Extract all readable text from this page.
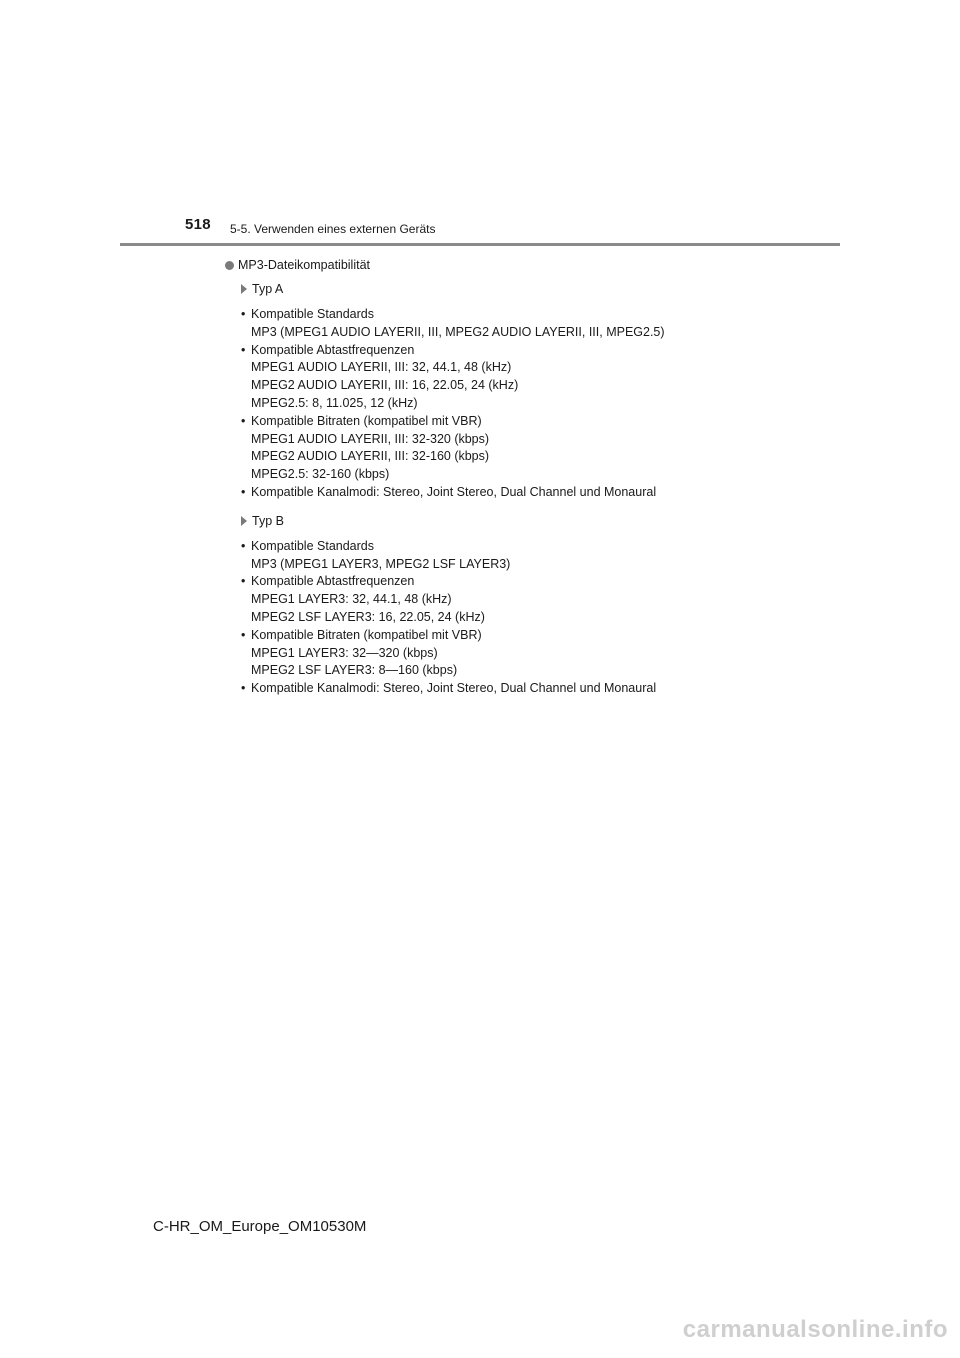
518 5-5. Verwenden eines externen Geräts
MP3-Dateikompatibilität
Typ A
• Kompatible Standards
MP3 (MPEG1 AUDIO LAYERII, III, MPEG2 AUDIO LAYERII, III, MPEG2.5)
• Kompatible Abtastfrequenzen
MPEG1 AUDIO LAYERII, III: 32, 44.1, 48 (kHz)
MPEG2 AUDIO LAYERII, III: 16, 22.05, 24 (kHz)
MPEG2.5: 8, 11.025, 12 (kHz)
• Kompatible Bitraten (kompatibel mit VBR)
MPEG1 AUDIO LAYERII, III: 32-320 (kbps)
MPEG2 AUDIO LAYERII, III: 32-160 (kbps)
MPEG2.5: 32-160 (kbps)
• Kompatible Kanalmodi: Stereo, Joint Stereo, Dual Channel und Monaural
Typ B
• Kompatible Standards
MP3 (MPEG1 LAYER3, MPEG2 LSF LAYER3)
• Kompatible Abtastfrequenzen
MPEG1 LAYER3: 32, 44.1, 48 (kHz)
MPEG2 LSF LAYER3: 16, 22.05, 24 (kHz)
• Kompatible Bitraten (kompatibel mit VBR)
MPEG1 LAYER3: 32—320 (kbps)
MPEG2 LSF LAYER3: 8—160 (kbps)
• Kompatible Kanalmodi: Stereo, Joint Stereo, Dual Channel und Monaural
C-HR_OM_Europe_OM10530M
carmanualsonline.info
